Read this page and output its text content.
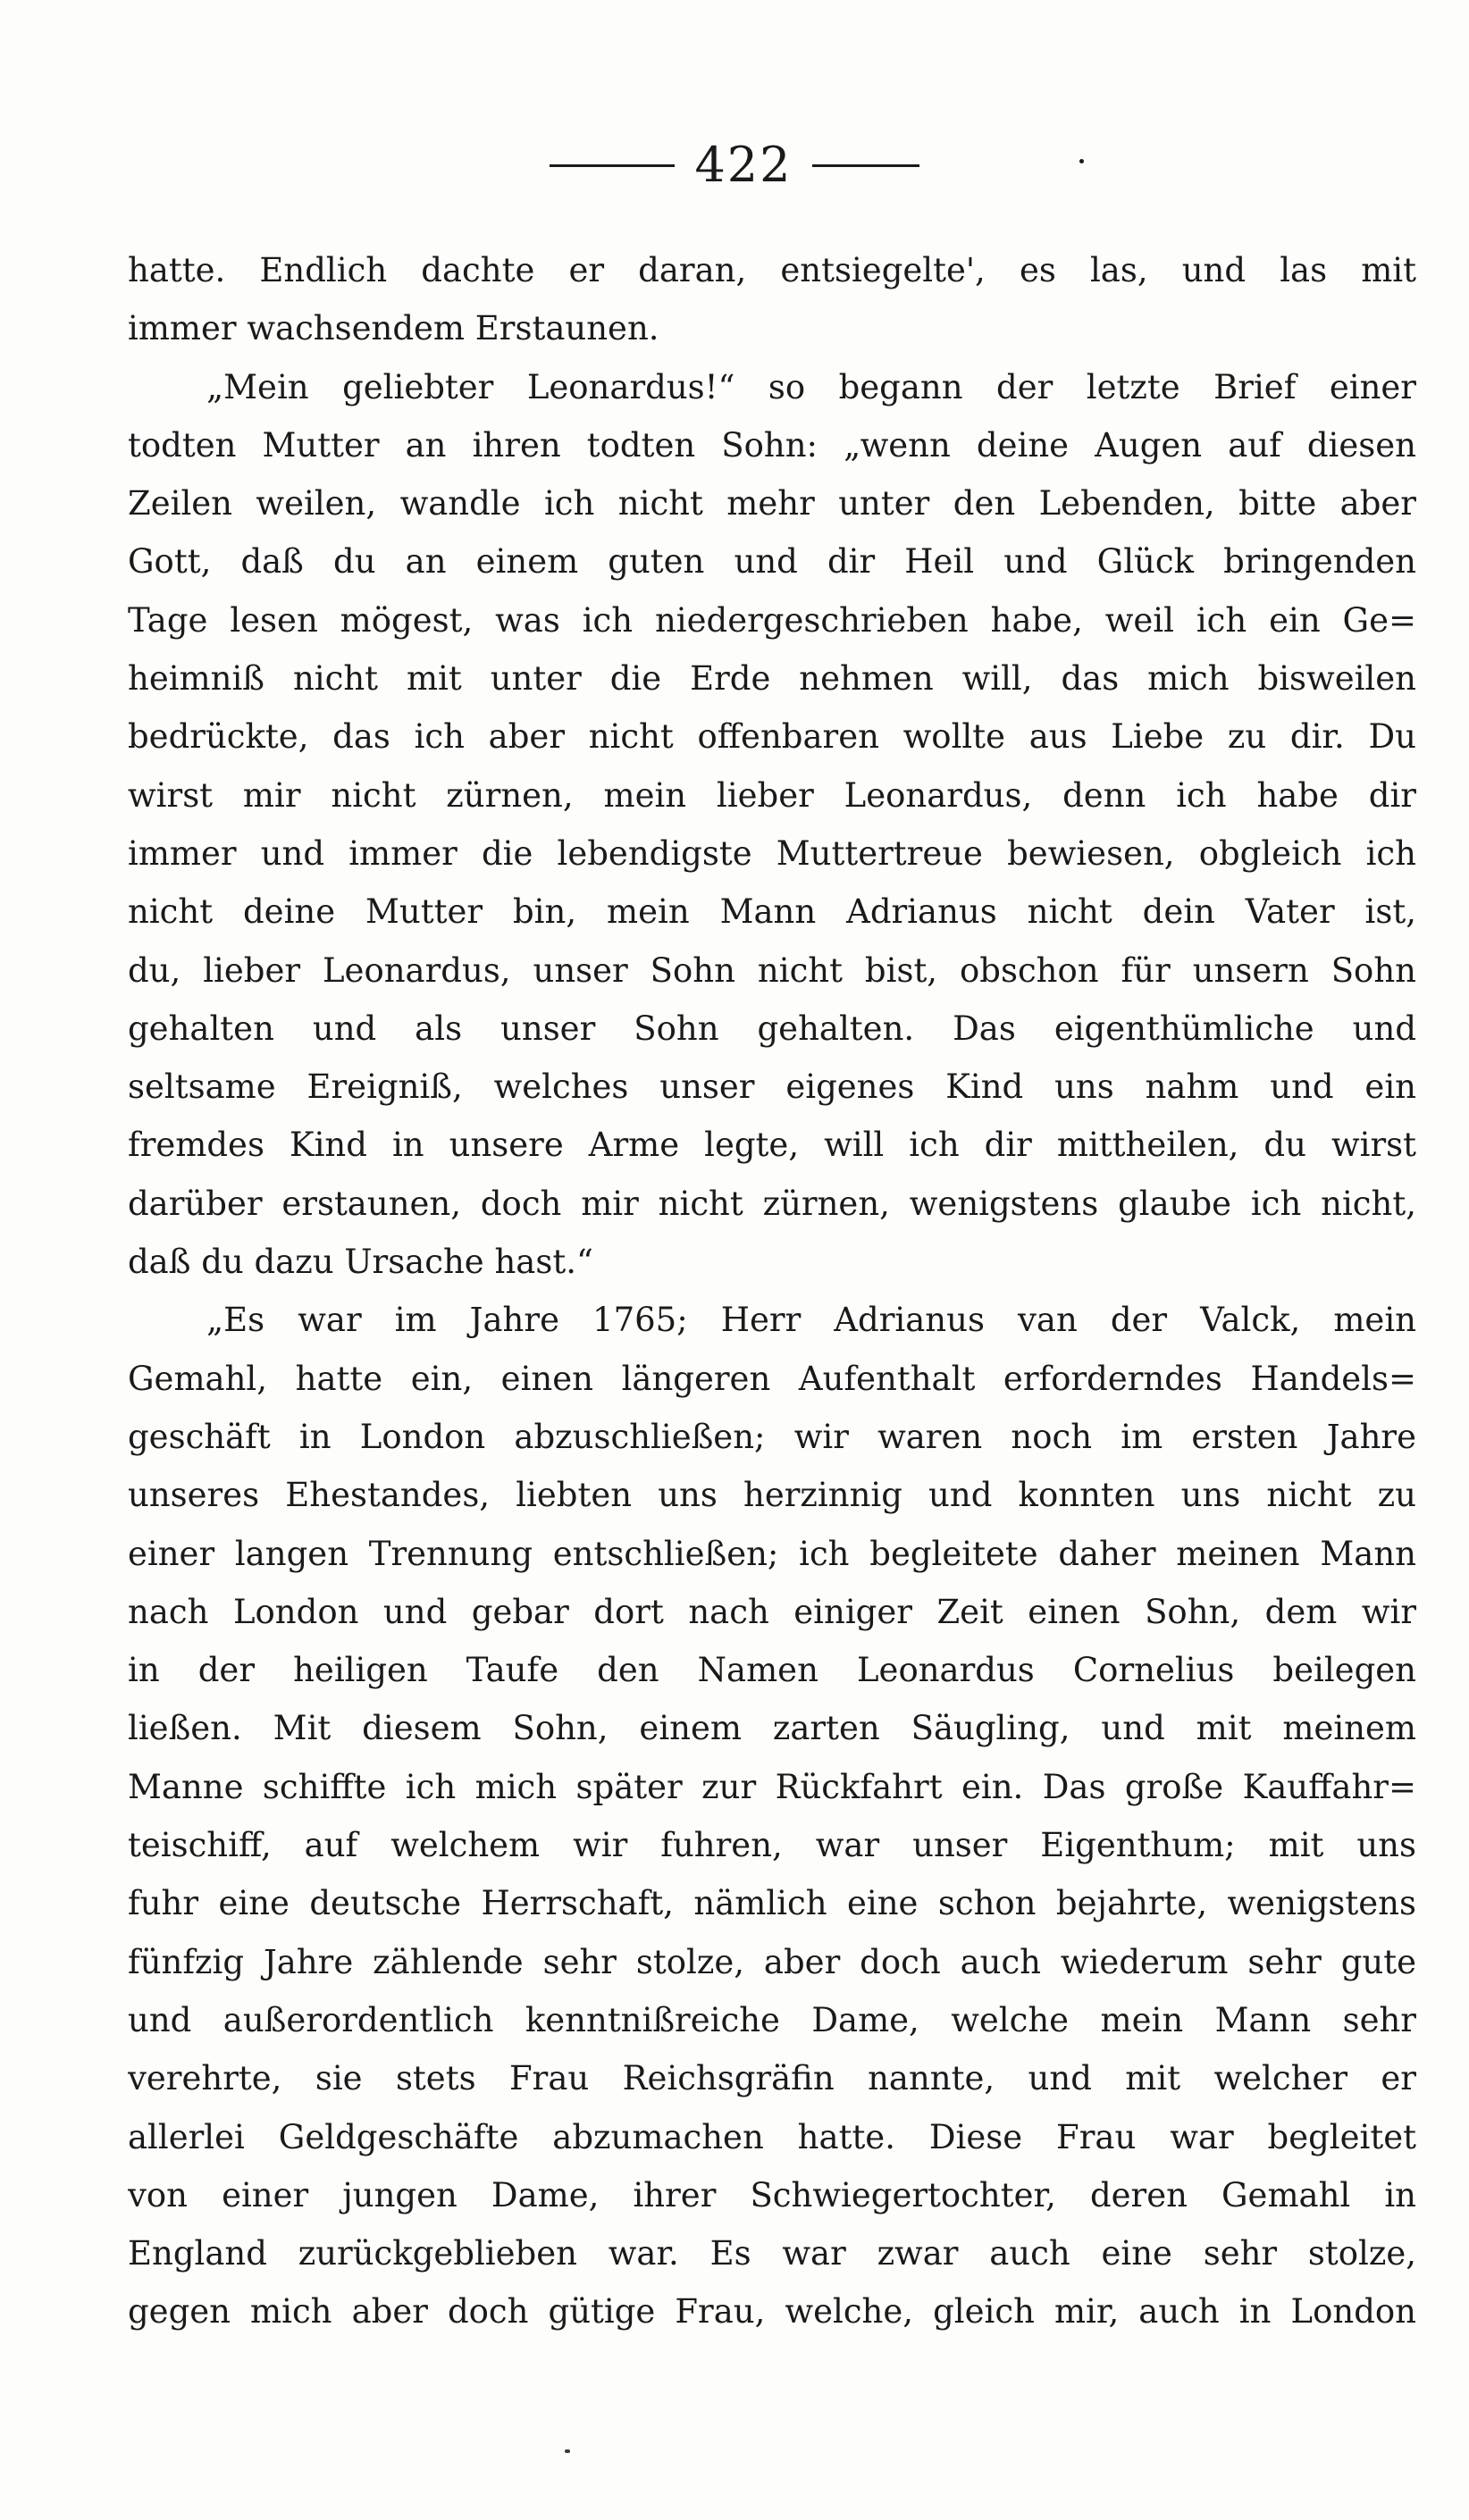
422
hatte. Endlich dachte er daran, entsiegelte', es las, und las mit
immer wachsendem Erstaunen.
„Mein geliebter Leonardus!“ so begann der letzte Brief einer
todten Mutter an ihren todten Sohn: „wenn deine Augen auf diesen
Zeilen weilen, wandle ich nicht mehr unter den Lebenden, bitte aber
Gott, daß du an einem guten und dir Heil und Glück bringenden
Tage lesen mögest, was ich niedergeschrieben habe, weil ich ein Ge=
heimniß nicht mit unter die Erde nehmen will, das mich bisweilen
bedrückte, das ich aber nicht offenbaren wollte aus Liebe zu dir. Du
wirst mir nicht zürnen, mein lieber Leonardus, denn ich habe dir
immer und immer die lebendigste Muttertreue bewiesen, obgleich ich
nicht deine Mutter bin, mein Mann Adrianus nicht dein Vater ist,
du, lieber Leonardus, unser Sohn nicht bist, obschon für unsern Sohn
gehalten und als unser Sohn gehalten. Das eigenthümliche und
seltsame Ereigniß, welches unser eigenes Kind uns nahm und ein
fremdes Kind in unsere Arme legte, will ich dir mittheilen, du wirst
darüber erstaunen, doch mir nicht zürnen, wenigstens glaube ich nicht,
daß du dazu Ursache hast.“
„Es war im Jahre 1765; Herr Adrianus van der Valck, mein
Gemahl, hatte ein, einen längeren Aufenthalt erforderndes Handels=
geschäft in London abzuschließen; wir waren noch im ersten Jahre
unseres Ehestandes, liebten uns herzinnig und konnten uns nicht zu
einer langen Trennung entschließen; ich begleitete daher meinen Mann
nach London und gebar dort nach einiger Zeit einen Sohn, dem wir
in der heiligen Taufe den Namen Leonardus Cornelius beilegen
ließen. Mit diesem Sohn, einem zarten Säugling, und mit meinem
Manne schiffte ich mich später zur Rückfahrt ein. Das große Kauffahr=
teischiff, auf welchem wir fuhren, war unser Eigenthum; mit uns
fuhr eine deutsche Herrschaft, nämlich eine schon bejahrte, wenigstens
fünfzig Jahre zählende sehr stolze, aber doch auch wiederum sehr gute
und außerordentlich kenntnißreiche Dame, welche mein Mann sehr
verehrte, sie stets Frau Reichsgräfin nannte, und mit welcher er
allerlei Geldgeschäfte abzumachen hatte. Diese Frau war begleitet
von einer jungen Dame, ihrer Schwiegertochter, deren Gemahl in
England zurückgeblieben war. Es war zwar auch eine sehr stolze,
gegen mich aber doch gütige Frau, welche, gleich mir, auch in London
